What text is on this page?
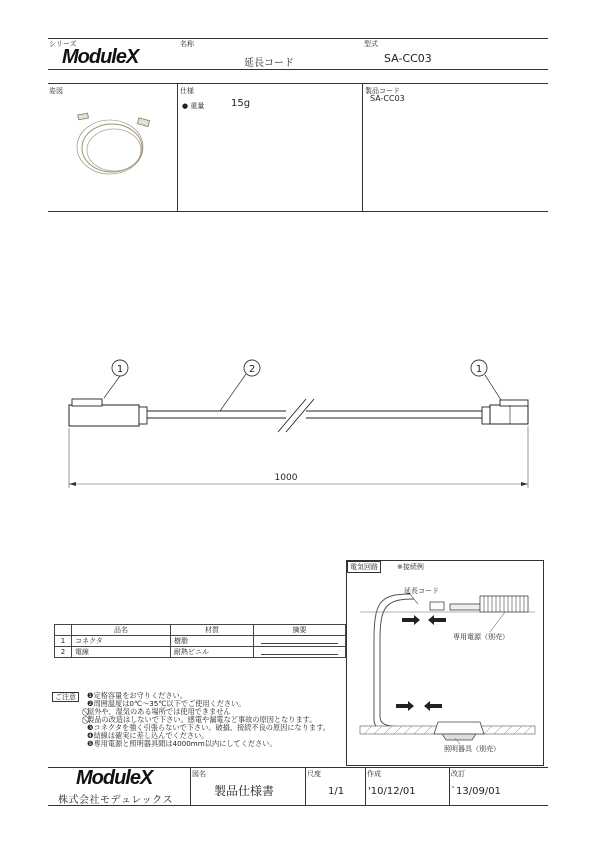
シリーズ
ModuleX
名称
延長コード
型式
SA-CC03
姿図	仕様
● 重量	15g
製品コード
SA-CC03
1	2	1
1000
電気回路	※接続例
延長コード
専用電源（別売）
照明器具（別売）
	品名	材質	摘要
1	コネクタ	樹脂	

2	電線	耐熱ビニル	
ご注意	❶定格容量をお守りください。
❷周囲温度は0℃～35℃以下でご使用ください。
⃠屋外や、湿気のある場所では使用できません
⃠製品の改造はしないで下さい。感電や漏電など事故の原因となります。
❸コネクタを強く引張らないで下さい。破損、接続不良の原因になります。
❹結線は確実に差し込んでください。
❺専用電源と照明器具間は4000mm以内にしてください。
ModuleX
株式会社モデュレックス
図名
製品仕様書
尺度
1/1
作成
'10/12/01
改訂
`13/09/01
